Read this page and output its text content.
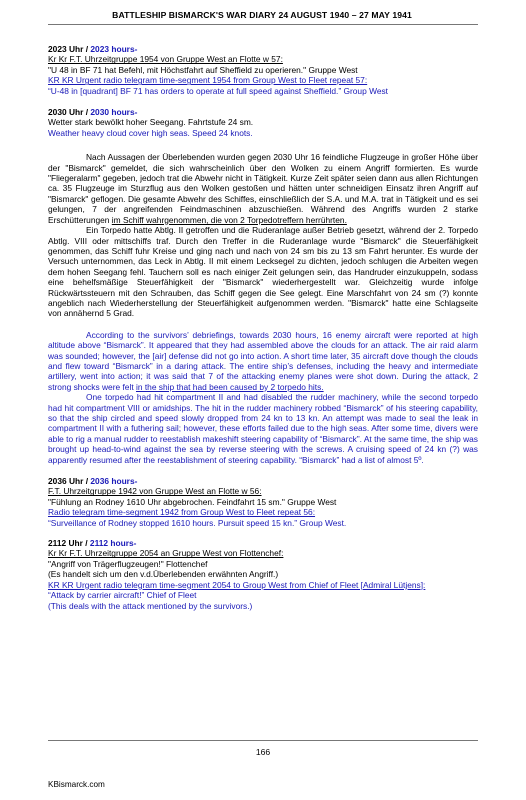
BATTLESHIP BISMARCK'S WAR DIARY 24 AUGUST 1940 – 27 MAY 1941
2023 Uhr / 2023 hours-
Kr Kr F.T. Uhrzeitgruppe 1954 von Gruppe West an Flotte w 57:
"U 48 in BF 71 hat Befehl, mit Höchstfahrt auf Sheffield zu operieren." Gruppe West
KR KR Urgent radio telegram time-segment 1954 from Group West to Fleet repeat 57:
“U-48 in [quadrant] BF 71 has orders to operate at full speed against Sheffield.” Group West
2030 Uhr / 2030 hours-
Wetter stark bewölkt hoher Seegang. Fahrtstufe 24 sm.
Weather heavy cloud cover high seas. Speed 24 knots.
Nach Aussagen der Überlebenden wurden gegen 2030 Uhr 16 feindliche Flugzeuge in großer Höhe über der "Bismarck" gemeldet, die sich wahrscheinlich über den Wolken zu einem Angriff formierten. Es wurde "Fliegeralarm" gegeben, jedoch trat die Abwehr nicht in Tätigkeit. Kurze Zeit später seien dann aus allen Richtungen ca. 35 Flugzeuge im Sturzflug aus den Wolken gestoßen und hätten unter schneidigen Einsatz ihren Angriff auf "Bismarck" geflogen. Die gesamte Abwehr des Schiffes, einschließlich der S.A. und M.A. trat in Tätigkeit und es sei gelungen, 7 der angreifenden Feindmaschinen abzuschießen. Während des Angriffs wurden 2 starke Erschütterungen im Schiff wahrgenommen, die von 2 Torpedotreffern herrührten.
Ein Torpedo hatte Abtlg. II getroffen und die Ruderanlage außer Betrieb gesetzt, während der 2. Torpedo Abtlg. VIII oder mittschiffs traf. Durch den Treffer in die Ruderanlage wurde "Bismarck" die Steuerfähigkeit genommen, das Schiff fuhr Kreise und ging nach und nach von 24 sm bis zu 13 sm Fahrt herunter. Es wurde der Versuch unternommen, das Leck in Abtlg. II mit einem Lecksegel zu dichten, jedoch schlugen die Arbeiten wegen dem hohen Seegang fehl. Tauchern soll es nach einiger Zeit gelungen sein, das Handruder einzukuppeln, sodass eine behelfsmäßige Steuerfähigkeit der "Bismarck" wiederhergestellt war. Gleichzeitig wurde infolge Rückwärtssteuern mit den Schrauben, das Schiff gegen die See gelegt. Eine Marschfahrt von 24 sm (?) konnte angeblich nach Wiederherstellung der Steuerfähigkeit aufgenommen werden. "Bismarck" hatte eine Schlagseite von annähernd 5 Grad.
According to the survivors’ debriefings, towards 2030 hours, 16 enemy aircraft were reported at high altitude above “Bismarck”. It appeared that they had assembled above the clouds for an attack. The air raid alarm was sounded; however, the [air] defense did not go into action. A short time later, 35 aircraft dove though the clouds and flew toward “Bismarck” in a daring attack. The entire ship’s defenses, including the heavy and intermediate artillery, went into action; it was said that 7 of the attacking enemy planes were shot down. During the attack, 2 strong shocks were felt in the ship that had been caused by 2 torpedo hits.
One torpedo had hit compartment II and had disabled the rudder machinery, while the second torpedo had hit compartment VIII or amidships. The hit in the rudder machinery robbed “Bismarck” of his steering capability, so that the ship circled and speed slowly dropped from 24 kn to 13 kn. An attempt was made to seal the leak in compartment II with a futhering sail; however, these efforts failed due to the high seas. After some time, divers were able to rig a manual rudder to reestablish makeshift steering capability of “Bismarck”. At the same time, the ship was brought up head-to-wind against the sea by reverse steering with the screws. A cruising speed of 24 kn (?) was apparently resumed after the reestablishment of steering capability. “Bismarck” had a list of almost 5º.
2036 Uhr / 2036 hours-
F.T. Uhrzeitgruppe 1942 von Gruppe West an Flotte w 56:
"Fühlung an Rodney 1610 Uhr abgebrochen. Feindfahrt 15 sm." Gruppe West
Radio telegram time-segment 1942 from Group West to Fleet repeat 56:
“Surveillance of Rodney stopped 1610 hours. Pursuit speed 15 kn.” Group West.
2112 Uhr / 2112 hours-
Kr Kr F.T. Uhrzeitgruppe 2054 an Gruppe West von Flottenchef:
"Angriff von Trägerflugzeugen!" Flottenchef
(Es handelt sich um den v.d.Überlebenden erwähnten Angriff.)
KR KR Urgent radio telegram time-segment 2054 to Group West from Chief of Fleet [Admiral Lütjens]:
“Attack by carrier aircraft!” Chief of Fleet
(This deals with the attack mentioned by the survivors.)
166
KBismarck.com
